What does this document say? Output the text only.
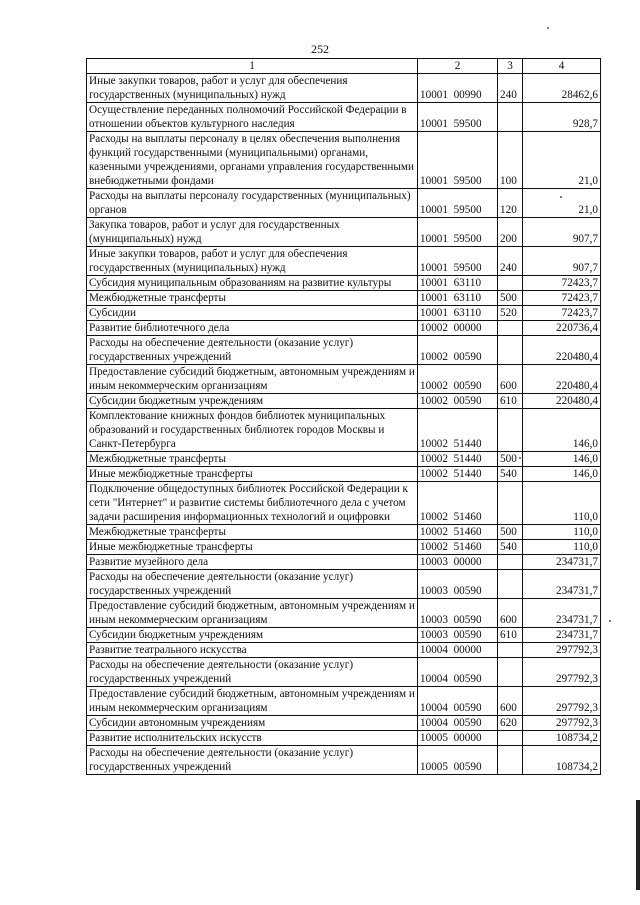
252
1	2	3	4
Иные закупки товаров, работ и услуг для обеспечения государственных (муниципальных) нужд	10001  00990	240	28462,6
Осуществление переданных полномочий Российской Федерации в отношении объектов культурного наследия	10001  59500		928,7
Расходы на выплаты персоналу в целях обеспечения выполнения функций государственными (муниципальными) органами, казенными учреждениями, органами управления государственными внебюджетными фондами	10001  59500	100	21,0
Расходы на выплаты персоналу государственных (муниципальных) органов	10001  59500	120	21,0
Закупка товаров, работ и услуг для государственных (муниципальных) нужд	10001  59500	200	907,7
Иные закупки товаров, работ и услуг для обеспечения государственных (муниципальных) нужд	10001  59500	240	907,7
Субсидия муниципальным образованиям на развитие культуры	10001  63110		72423,7
Межбюджетные трансферты	10001  63110	500	72423,7
Субсидии	10001  63110	520	72423,7
Развитие библиотечного дела	10002  00000		220736,4
Расходы на обеспечение деятельности (оказание услуг) государственных учреждений	10002  00590		220480,4
Предоставление субсидий бюджетным, автономным учреждениям и иным некоммерческим организациям	10002  00590	600	220480,4
Субсидии бюджетным учреждениям	10002  00590	610	220480,4
Комплектование книжных фондов библиотек муниципальных образований и государственных библиотек городов Москвы и Санкт-Петербурга	10002  51440		146,0
Межбюджетные трансферты	10002  51440	500	146,0
Иные межбюджетные трансферты	10002  51440	540	146,0
Подключение общедоступных библиотек Российской Федерации к сети "Интернет" и развитие системы библиотечного дела с учетом задачи расширения информационных технологий и оцифровки	10002  51460		110,0
Межбюджетные трансферты	10002  51460	500	110,0
Иные межбюджетные трансферты	10002  51460	540	110,0
Развитие музейного дела	10003  00000		234731,7
Расходы на обеспечение деятельности (оказание услуг) государственных учреждений	10003  00590		234731,7
Предоставление субсидий бюджетным, автономным учреждениям и иным некоммерческим организациям	10003  00590	600	234731,7
Субсидии бюджетным учреждениям	10003  00590	610	234731,7
Развитие театрального искусства	10004  00000		297792,3
Расходы на обеспечение деятельности (оказание услуг) государственных учреждений	10004  00590		297792,3
Предоставление субсидий бюджетным, автономным учреждениям и иным некоммерческим организациям	10004  00590	600	297792,3
Субсидии автономным учреждениям	10004  00590	620	297792,3
Развитие исполнительских искусств	10005  00000		108734,2
Расходы на обеспечение деятельности (оказание услуг) государственных учреждений	10005  00590		108734,2
